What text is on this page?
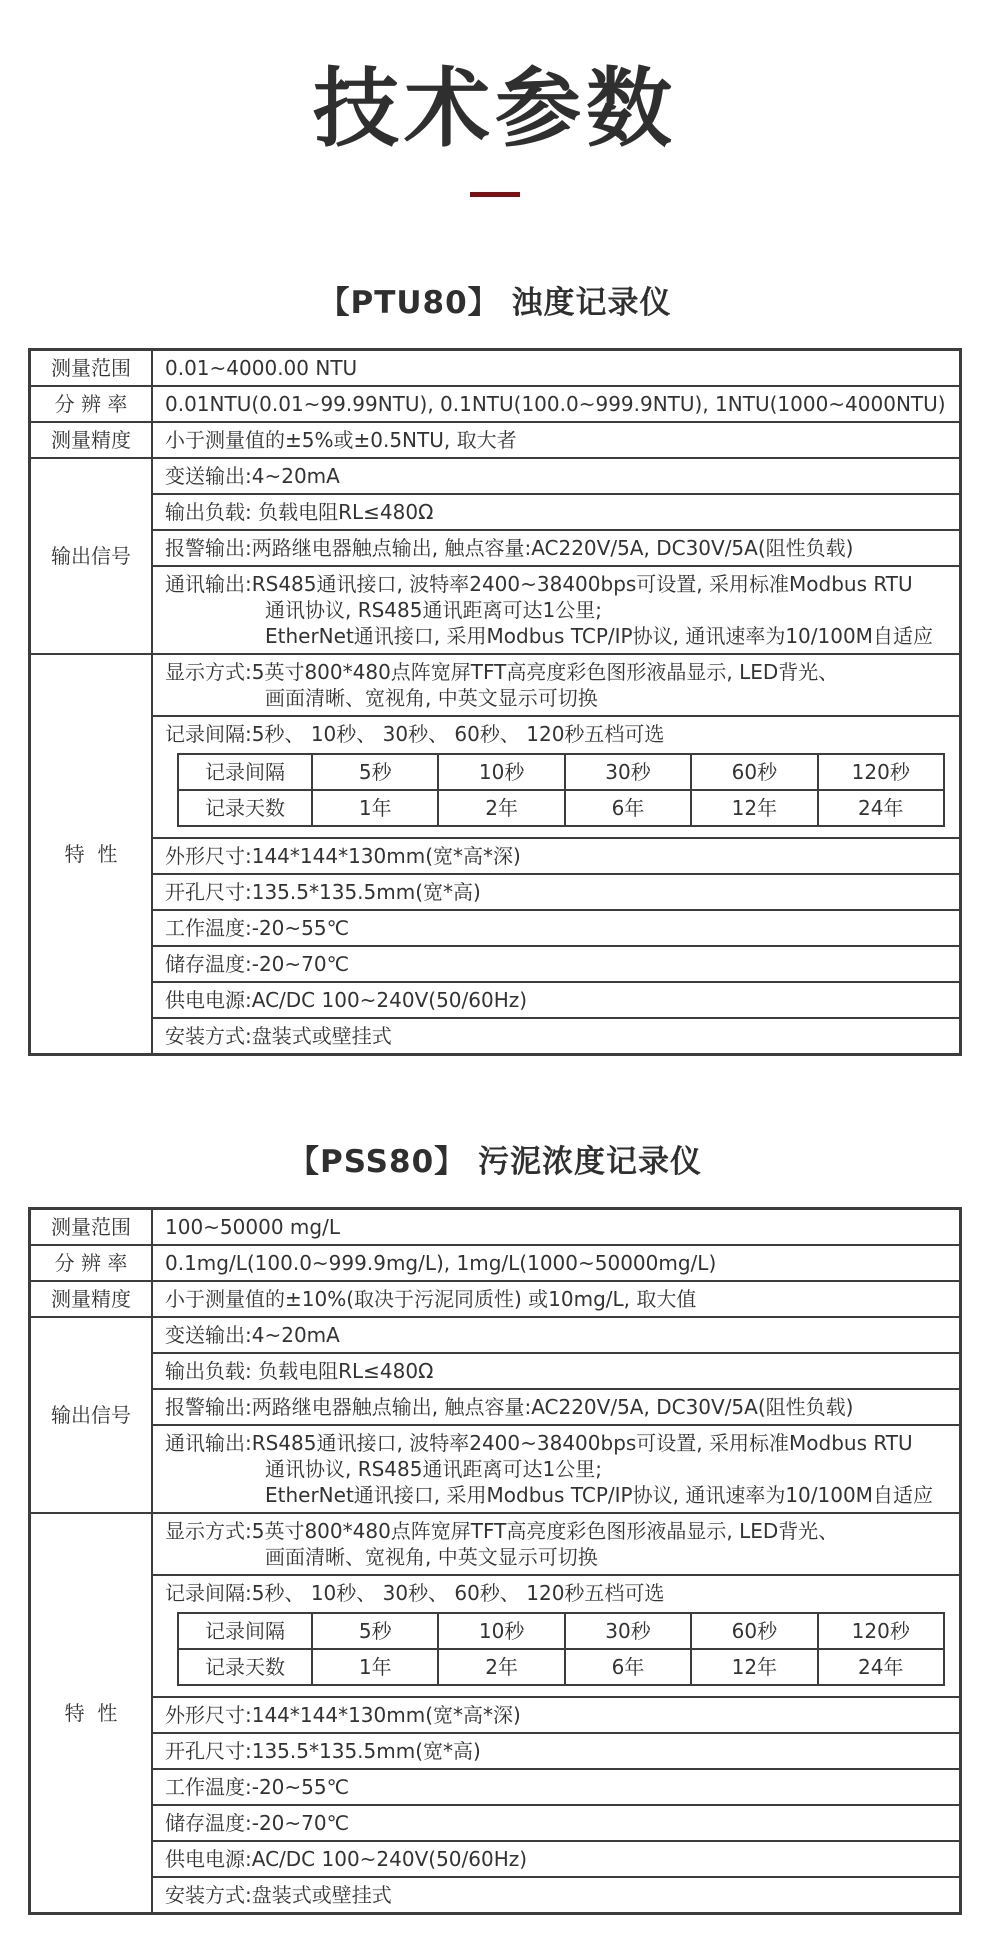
技术参数
【PTU80】 浊度记录仪
测量范围	0.01~4000.00 NTU
分 辨 率	0.01NTU(0.01~99.99NTU), 0.1NTU(100.0~999.9NTU), 1NTU(1000~4000NTU)
测量精度	小于测量值的±5%或±0.5NTU, 取大者
输出信号	变送输出:4~20mA
输出负载: 负载电阻RL≤480Ω
报警输出:两路继电器触点输出, 触点容量:AC220V/5A, DC30V/5A(阻性负载)

通讯输出:RS485通讯接口, 波特率2400~38400bps可设置, 采用标准Modbus RTU
通讯协议, RS485通讯距离可达1公里;
EtherNet通讯接口, 采用Modbus TCP/IP协议, 通讯速率为10/100M自适应

特  性	
显示方式:5英寸800*480点阵宽屏TFT高亮度彩色图形液晶显示, LED背光、
画面清晰、宽视角, 中英文显示可切换

记录间隔:5秒、 10秒、 30秒、 60秒、 120秒五档可选
记录间隔	5秒	10秒	30秒	60秒	120秒
记录天数	1年	2年	6年	12年	24年

外形尺寸:144*144*130mm(宽*高*深)
开孔尺寸:135.5*135.5mm(宽*高)
工作温度:-20~55℃
储存温度:-20~70℃
供电电源:AC/DC 100~240V(50/60Hz)
安装方式:盘装式或壁挂式
【PSS80】 污泥浓度记录仪
测量范围	100~50000 mg/L
分 辨 率	0.1mg/L(100.0~999.9mg/L), 1mg/L(1000~50000mg/L)
测量精度	小于测量值的±10%(取决于污泥同质性) 或10mg/L, 取大值
输出信号	变送输出:4~20mA
输出负载: 负载电阻RL≤480Ω
报警输出:两路继电器触点输出, 触点容量:AC220V/5A, DC30V/5A(阻性负载)

通讯输出:RS485通讯接口, 波特率2400~38400bps可设置, 采用标准Modbus RTU
通讯协议, RS485通讯距离可达1公里;
EtherNet通讯接口, 采用Modbus TCP/IP协议, 通讯速率为10/100M自适应

特  性	
显示方式:5英寸800*480点阵宽屏TFT高亮度彩色图形液晶显示, LED背光、
画面清晰、宽视角, 中英文显示可切换

记录间隔:5秒、 10秒、 30秒、 60秒、 120秒五档可选
记录间隔	5秒	10秒	30秒	60秒	120秒
记录天数	1年	2年	6年	12年	24年

外形尺寸:144*144*130mm(宽*高*深)
开孔尺寸:135.5*135.5mm(宽*高)
工作温度:-20~55℃
储存温度:-20~70℃
供电电源:AC/DC 100~240V(50/60Hz)
安装方式:盘装式或壁挂式
